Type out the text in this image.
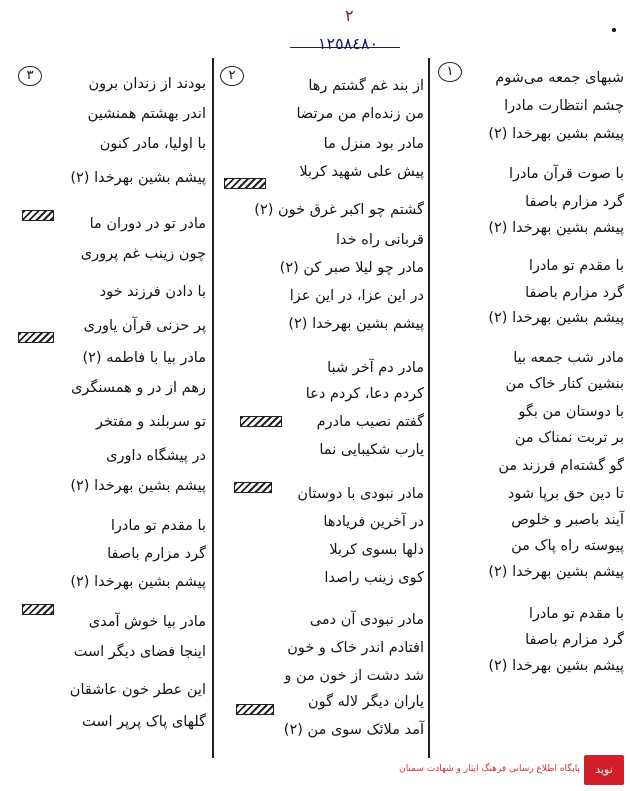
٢
١٢٥٨٤٨٠
١	شبهای جمعه می‌شوم
چشم انتظارت مادرا
پیشم بشین بهرخدا (٢)
با صوت قرآن مادرا
گرد مزارم باصفا
پیشم بشین بهرخدا (٢)
با مقدم تو مادرا
گرد مزارم باصفا
پیشم بشین بهرخدا (٢)
مادر شب جمعه بیا
بنشین کنار خاک من
با دوستان من بگو
بر تربت نمناک من
گو گشته‌ام فرزند من
تا دین حق برپا شود
آیند باصبر و خلوص
پیوسته راه پاک من
پیشم بشین بهرخدا (٢)
با مقدم تو مادرا
گرد مزارم باصفا
پیشم بشین بهرخدا (٢)
٢
از بند غم گشتم رها
من زنده‌ام من مرتضا
مادر بود منزل ما
پیش علی شهید کربلا
گشتم چو اکبر غرق خون (٢)
قربانی راه خدا
مادر چو لیلا صبر کن (٢)
در این عزا، در این عزا
پیشم بشین بهرخدا (٢)
مادر دم آخر شبا
کردم دعا، کردم دعا
گفتم نصیب مادرم
یارب شکیبایی نما
مادر نبودی با دوستان
در آخرین فریادها
دلها بسوی کربلا
کوی زینب راصدا
مادر نبودی آن دمی
افتادم اندر خاک و خون
شد دشت از خون من و
یاران دیگر لاله گون
آمد ملائک سوی من (٢)
٣
بودند از زندان برون
اندر بهشتم همنشین
با اولیا، مادر کنون
پیشم بشین بهرخدا (٢)
مادر تو در دوران ما
چون زینب غم پروری
با دادن فرزند خود
پر حزنی قرآن یاوری
مادر بیا با فاطمه (٢)
رهم از در و همسنگری
تو سربلند و مفتخر
در پیشگاه داوری
پیشم بشین بهرخدا (٢)
با مقدم تو مادرا
گرد مزارم باصفا
پیشم بشین بهرخدا (٢)
مادر بیا خوش آمدی
اینجا فضای دیگر است
این عطر خون عاشقان
گلهای پاک پرپر است
نوید
پایگاه اطلاع رسانی فرهنگ ایثار و شهادت سمنان
